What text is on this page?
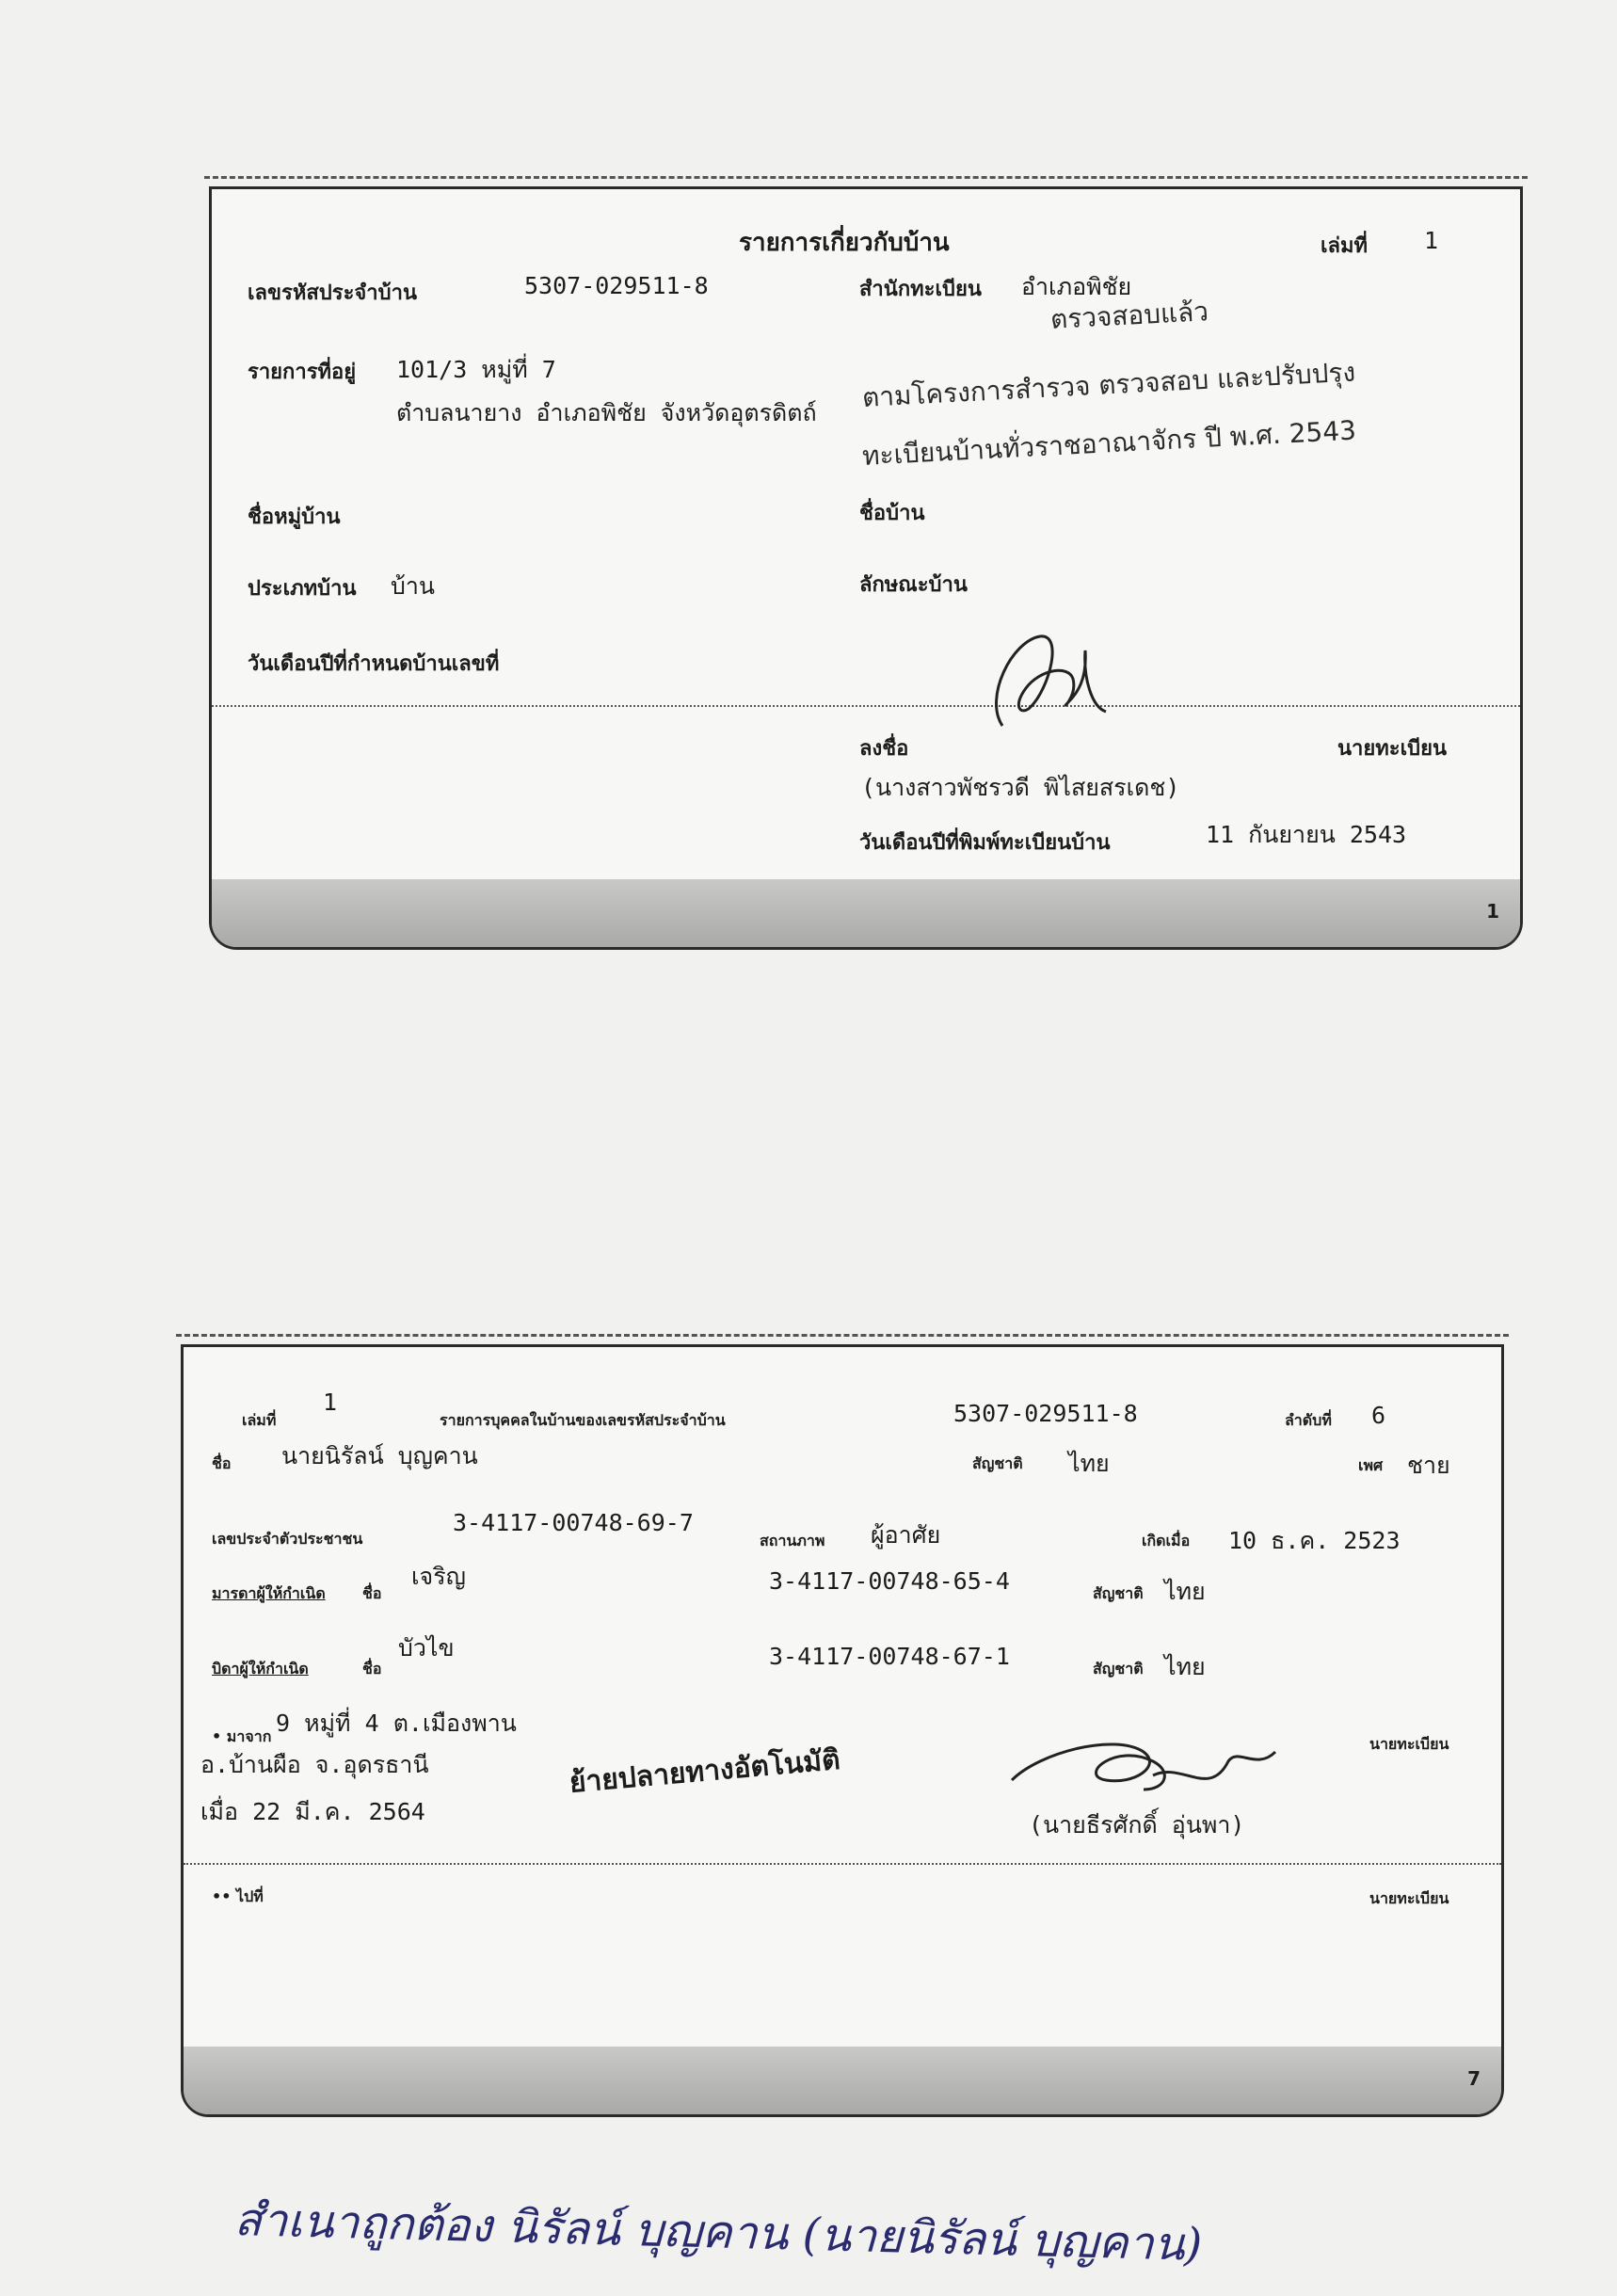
รายการเกี่ยวกับบ้าน	เล่มที่ 1
เลขรหัสประจำบ้าน	5307-029511-8	สำนักทะเบียน อำเภอพิชัย
รายการที่อยู่ 101/3 หมู่ที่ 7
ตำบลนายาง อำเภอพิชัย จังหวัดอุตรดิตถ์
ตรวจสอบแล้ว
ตามโครงการสำรวจ ตรวจสอบ และปรับปรุง
ทะเบียนบ้านทั่วราชอาณาจักร ปี พ.ศ. 2543
ชื่อหมู่บ้าน	ชื่อบ้าน
ประเภทบ้าน บ้าน	ลักษณะบ้าน
วันเดือนปีที่กำหนดบ้านเลขที่
ลงชื่อ	นายทะเบียน
(นางสาวพัชรวดี พิไสยสรเดช)
วันเดือนปีที่พิมพ์ทะเบียนบ้าน	11 กันยายน 2543
1
เล่มที่
1
รายการบุคคลในบ้านของเลขรหัสประจำบ้าน	5307-029511-8	ลำดับที่ 6
ชื่อ นายนิรัลน์ บุญคาน	สัญชาติ ไทย	เพศ ชาย
เลขประจำตัวประชาชน
3-4117-00748-69-7
สถานภาพ ผู้อาศัย	เกิดเมื่อ 10 ธ.ค. 2523
มารดาผู้ให้กำเนิด ชื่อ
เจริญ	3-4117-00748-65-4	สัญชาติ ไทย
บิดาผู้ให้กำเนิด	ชื่อ
บัวไข	3-4117-00748-67-1	สัญชาติ ไทย
• มาจาก 9 หมู่ที่ 4 ต.เมืองพาน
อ.บ้านผือ จ.อุดรธานี
เมื่อ 22 มี.ค. 2564
ย้ายปลายทางอัตโนมัติ	นายทะเบียน
(นายธีรศักดิ์ อุ่นพา)
•• ไปที่	นายทะเบียน
7
สำเนาถูกต้อง นิรัลน์ บุญคาน (นายนิรัลน์ บุญคาน)
